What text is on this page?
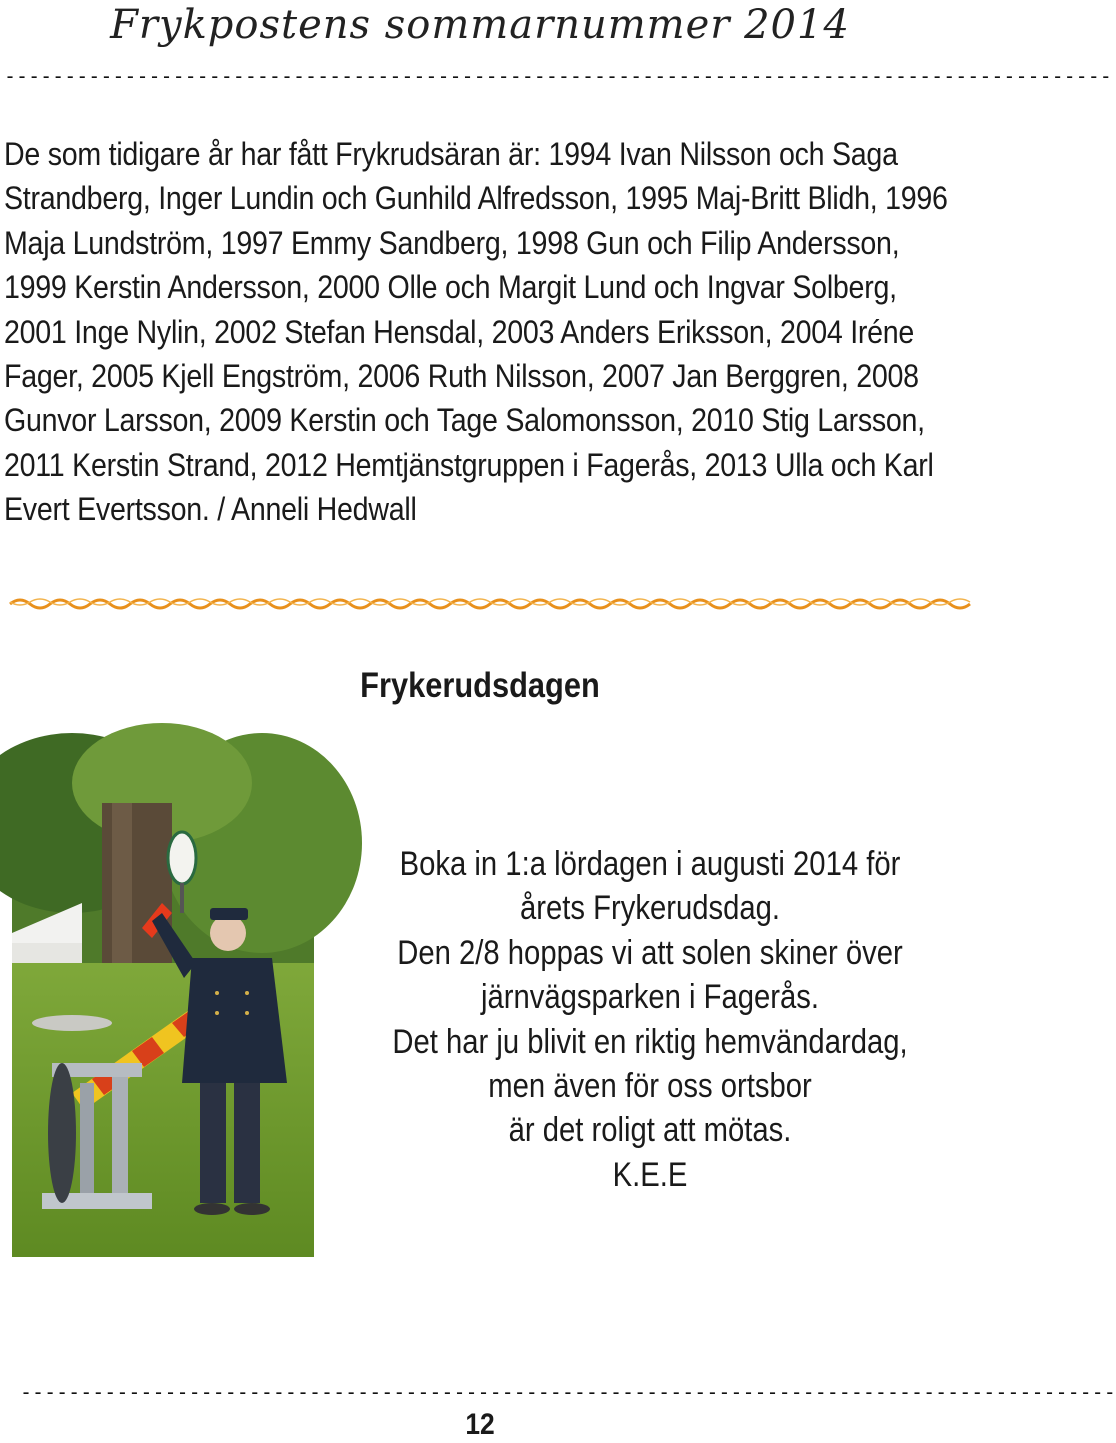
Frykpostens sommarnummer 2014
--------------------------------------------------------------------------------------------

De som tidigare år har fått Frykrudsäran är: 1994 Ivan Nilsson och Saga Strandberg, Inger Lundin och Gunhild Alfredsson, 1995 Maj-Britt Blidh, 1996 Maja Lundström, 1997 Emmy Sandberg, 1998 Gun och Filip Andersson, 1999 Kerstin Andersson, 2000 Olle och Margit Lund och Ingvar Solberg, 2001 Inge Nylin, 2002 Stefan Hensdal, 2003 Anders Eriksson, 2004 Iréne Fager, 2005 Kjell Engström, 2006 Ruth Nilsson, 2007 Jan Berggren, 2008 Gunvor Larsson, 2009 Kerstin och Tage Salomonsson, 2010 Stig Larsson, 2011 Kerstin Strand, 2012 Hemtjänstgruppen i Fagerås, 2013 Ulla och Karl Evert Evertsson. / Anneli Hedwall

Frykerudsdagen
Boka in 1:a lördagen i augusti 2014 för
årets Frykerudsdag.
Den 2/8 hoppas vi att solen skiner över
järnvägsparken i Fagerås.
Det har ju blivit en riktig hemvändardag,
men även för oss ortsbor
är det roligt att mötas.
K.E.E
-------------------------------------------------------------------------------------------
12
